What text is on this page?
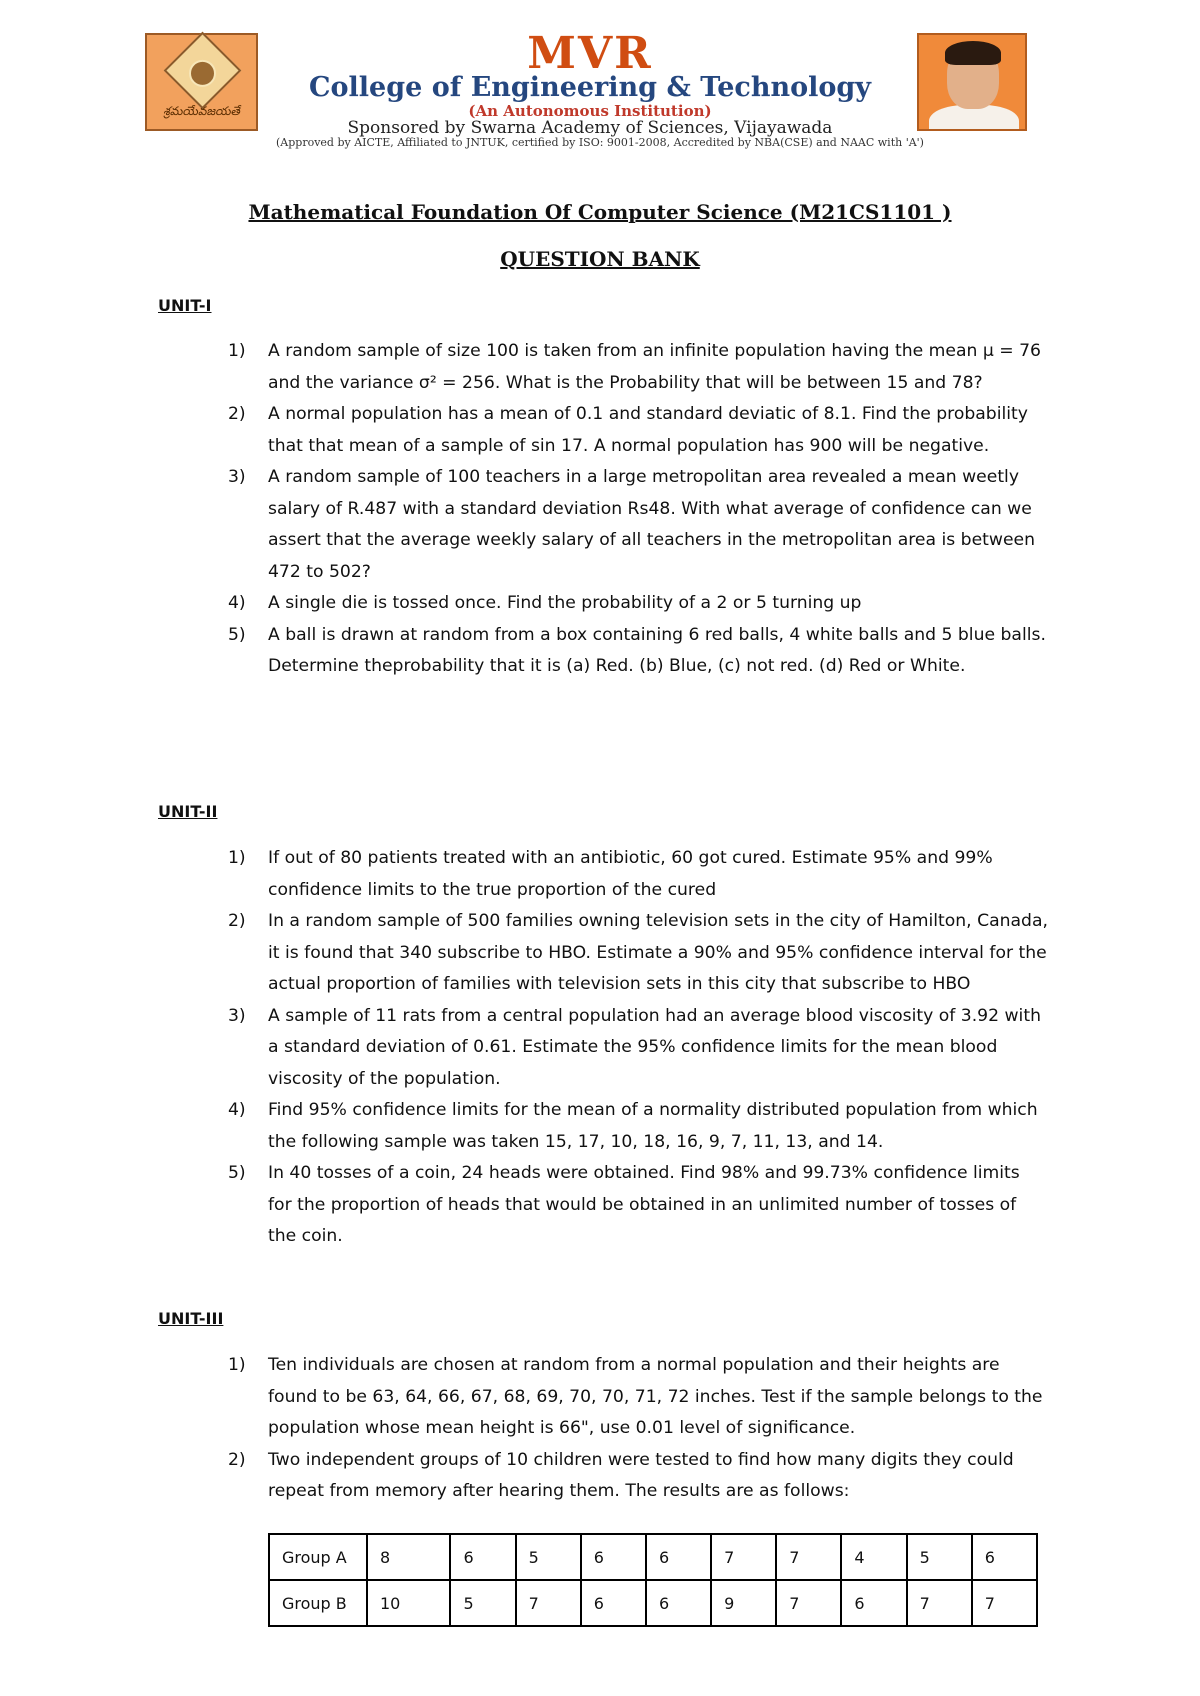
శ్రమయేవజయతే
MVR
College of Engineering & Technology
(An Autonomous Institution)
Sponsored by Swarna Academy of Sciences, Vijayawada
(Approved by AICTE, Affiliated to JNTUK, certified by ISO: 9001-2008, Accredited by NBA(CSE) and NAAC with 'A')
Mathematical Foundation Of Computer Science (M21CS1101 )
QUESTION BANK
UNIT-I
1) A random sample of size 100 is taken from an infinite population having the mean μ = 76 and the variance σ² = 256. What is the Probability that will be between 15 and 78?
2) A normal population has a mean of 0.1 and standard deviatic of 8.1. Find the probability that that mean of a sample of sin 17. A normal population has 900 will be negative.
3) A random sample of 100 teachers in a large metropolitan area revealed a mean weetly salary of R.487 with a standard deviation Rs48. With what average of confidence can we assert that the average weekly salary of all teachers in the metropolitan area is between 472 to 502?
4) A single die is tossed once. Find the probability of a 2 or 5 turning up
5) A ball is drawn at random from a box containing 6 red balls, 4 white balls and 5 blue balls. Determine theprobability that it is (a) Red. (b) Blue, (c) not red. (d) Red or White.
UNIT-II
1) If out of 80 patients treated with an antibiotic, 60 got cured. Estimate 95% and 99% confidence limits to the true proportion of the cured
2) In a random sample of 500 families owning television sets in the city of Hamilton, Canada, it is found that 340 subscribe to HBO. Estimate a 90% and 95% confidence interval for the actual proportion of families with television sets in this city that subscribe to HBO
3) A sample of 11 rats from a central population had an average blood viscosity of 3.92 with a standard deviation of 0.61. Estimate the 95% confidence limits for the mean blood viscosity of the population.
4) Find 95% confidence limits for the mean of a normality distributed population from which the following sample was taken 15, 17, 10, 18, 16, 9, 7, 11, 13, and 14.
5) In 40 tosses of a coin, 24 heads were obtained. Find 98% and 99.73% confidence limits for the proportion of heads that would be obtained in an unlimited number of tosses of the coin.
UNIT-III
1) Ten individuals are chosen at random from a normal population and their heights are found to be 63, 64, 66, 67, 68, 69, 70, 70, 71, 72 inches. Test if the sample belongs to the population whose mean height is 66", use 0.01 level of significance.
2) Two independent groups of 10 children were tested to find how many digits they could repeat from memory after hearing them. The results are as follows:
Group A	8	6	5	6	6	7	7	4	5	6
Group B	10	5	7	6	6	9	7	6	7	7
